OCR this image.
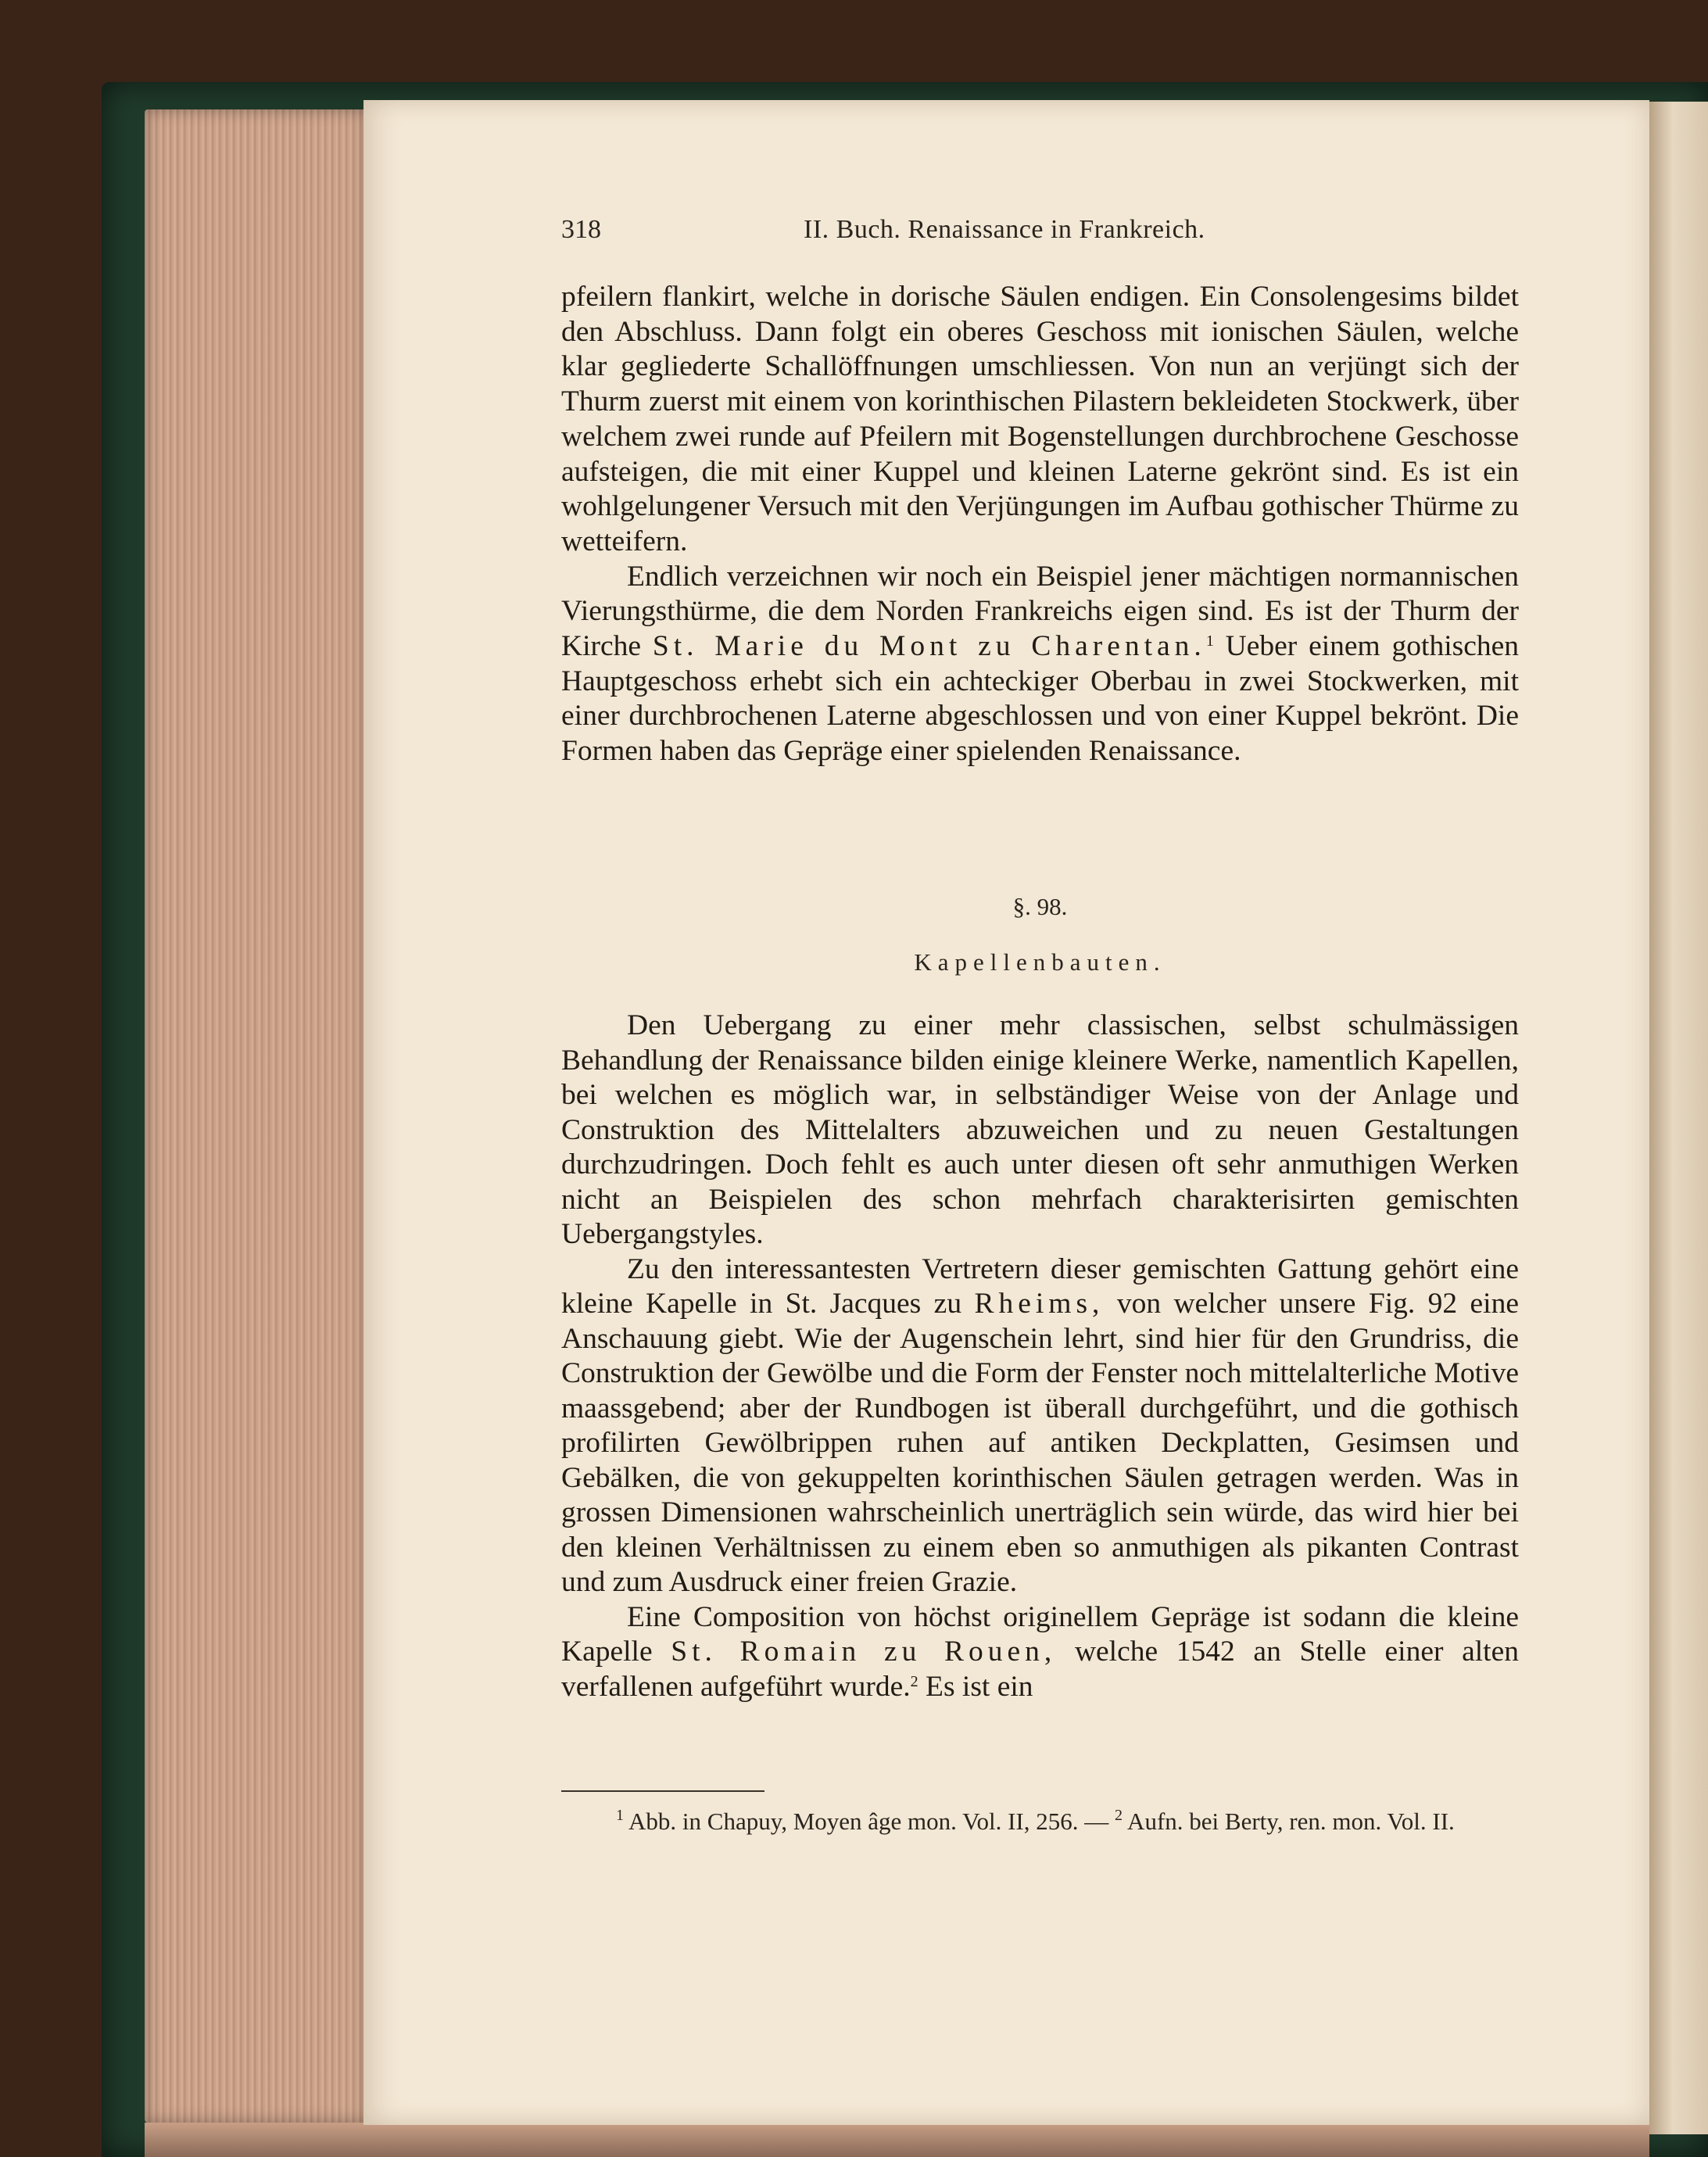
318	II. Buch. Renaissance in Frankreich.

pfeilern flankirt, welche in dorische Säulen endigen. Ein Consolengesims bildet den Abschluss. Dann folgt ein oberes Geschoss mit ionischen Säulen, welche klar gegliederte Schallöffnungen umschliessen. Von nun an verjüngt sich der Thurm zuerst mit einem von korinthischen Pilastern bekleideten Stockwerk, über welchem zwei runde auf Pfeilern mit Bogenstellungen durchbrochene Geschosse aufsteigen, die mit einer Kuppel und kleinen Laterne gekrönt sind. Es ist ein wohlgelungener Versuch mit den Verjüngungen im Aufbau gothischer Thürme zu wetteifern.

Endlich verzeichnen wir noch ein Beispiel jener mächtigen normannischen Vierungsthürme, die dem Norden Frankreichs eigen sind. Es ist der Thurm der Kirche St. Marie du Mont zu Charentan.$^1$ Ueber einem gothischen Hauptgeschoss erhebt sich ein achteckiger Oberbau in zwei Stockwerken, mit einer durchbrochenen Laterne abgeschlossen und von einer Kuppel bekrönt. Die Formen haben das Gepräge einer spielenden Renaissance.

§. 98.
Kapellenbauten.

Den Uebergang zu einer mehr classischen, selbst schulmässigen Behandlung der Renaissance bilden einige kleinere Werke, namentlich Kapellen, bei welchen es möglich war, in selbständiger Weise von der Anlage und Construktion des Mittelalters abzuweichen und zu neuen Gestaltungen durchzudringen. Doch fehlt es auch unter diesen oft sehr anmuthigen Werken nicht an Beispielen des schon mehrfach charakterisirten gemischten Uebergangstyles.

Zu den interessantesten Vertretern dieser gemischten Gattung gehört eine kleine Kapelle in St. Jacques zu Rheims, von welcher unsere Fig. 92 eine Anschauung giebt. Wie der Augenschein lehrt, sind hier für den Grundriss, die Construktion der Gewölbe und die Form der Fenster noch mittelalterliche Motive maassgebend; aber der Rundbogen ist überall durchgeführt, und die gothisch profilirten Gewölbrippen ruhen auf antiken Deckplatten, Gesimsen und Gebälken, die von gekuppelten korinthischen Säulen getragen werden. Was in grossen Dimensionen wahrscheinlich unerträglich sein würde, das wird hier bei den kleinen Verhältnissen zu einem eben so anmuthigen als pikanten Contrast und zum Ausdruck einer freien Grazie.

Eine Composition von höchst originellem Gepräge ist sodann die kleine Kapelle St. Romain zu Rouen, welche 1542 an Stelle einer alten verfallenen aufgeführt wurde.$^2$ Es ist ein

$^1$ Abb. in Chapuy, Moyen âge mon. Vol. II, 256. — $^2$ Aufn. bei Berty, ren. mon. Vol. II.
